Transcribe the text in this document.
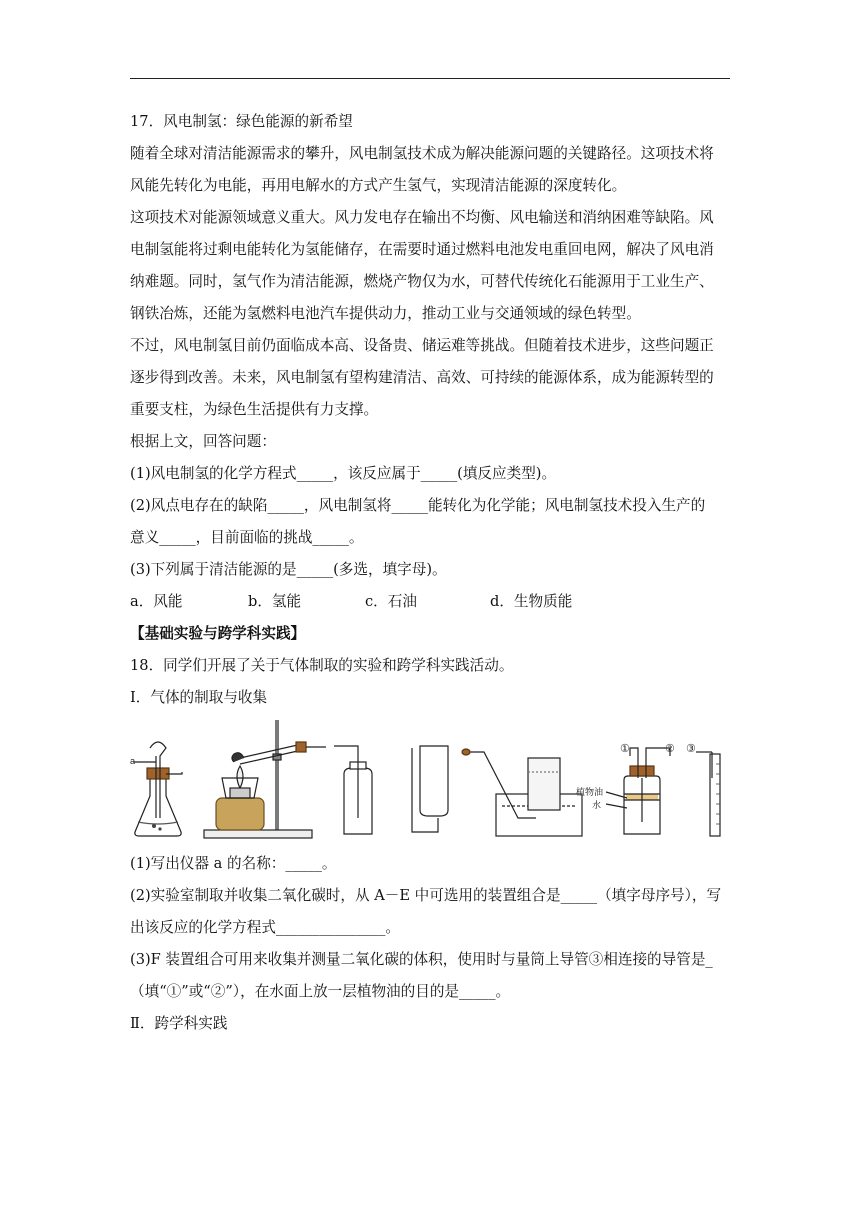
17．风电制氢：绿色能源的新希望
随着全球对清洁能源需求的攀升，风电制氢技术成为解决能源问题的关键路径。这项技术将
风能先转化为电能，再用电解水的方式产生氢气，实现清洁能源的深度转化。
这项技术对能源领域意义重大。风力发电存在输出不均衡、风电输送和消纳困难等缺陷。风
电制氢能将过剩电能转化为氢能储存，在需要时通过燃料电池发电重回电网，解决了风电消
纳难题。同时，氢气作为清洁能源，燃烧产物仅为水，可替代传统化石能源用于工业生产、
钢铁冶炼，还能为氢燃料电池汽车提供动力，推动工业与交通领域的绿色转型。
不过，风电制氢目前仍面临成本高、设备贵、储运难等挑战。但随着技术进步，这些问题正
逐步得到改善。未来，风电制氢有望构建清洁、高效、可持续的能源体系，成为能源转型的
重要支柱，为绿色生活提供有力支撑。
根据上文，回答问题：
(1)风电制氢的化学方程式_____，该反应属于_____(填反应类型)。
(2)风点电存在的缺陷_____，风电制氢将_____能转化为化学能；风电制氢技术投入生产的
意义_____，目前面临的挑战_____。
(3)下列属于清洁能源的是_____(多选，填字母)。
a．风能	b．氢能	c．石油	d．生物质能
【基础实验与跨学科实践】
18．同学们开展了关于气体制取的实验和跨学科实践活动。
Ⅰ．气体的制取与收集
a
①	② ③
植物油
水
(1)写出仪器 a 的名称：_____。
(2)实验室制取并收集二氧化碳时，从 A－E 中可选用的装置组合是_____（填字母序号），写
出该反应的化学方程式_______________。
(3)F 装置组合可用来收集并测量二氧化碳的体积，使用时与量筒上导管③相连接的导管是_
（填“①”或“②”），在水面上放一层植物油的目的是_____。
Ⅱ．跨学科实践
